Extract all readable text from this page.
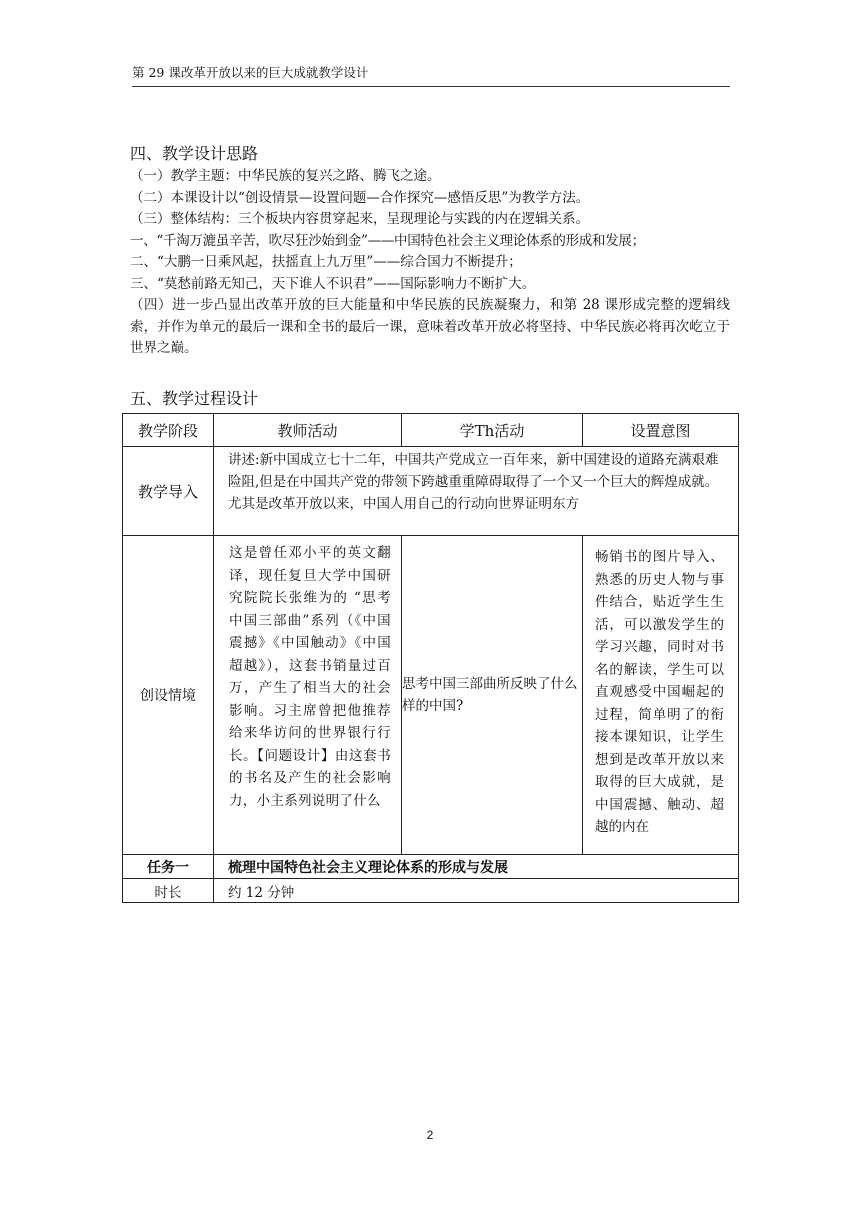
第 29 课改革开放以来的巨大成就教学设计
四、教学设计思路

（一）教学主题：中华民族的复兴之路、腾飞之途。

（二）本课设计以“创设情景—设置问题—合作探究—感悟反思”为教学方法。

（三）整体结构：三个板块内容贯穿起来，呈现理论与实践的内在逻辑关系。

一、“千淘万漉虽辛苦，吹尽狂沙始到金”——中国特色社会主义理论体系的形成和发展；

二、“大鹏一日乘风起，扶摇直上九万里”——综合国力不断提升；

三、“莫愁前路无知己，天下谁人不识君”——国际影响力不断扩大。

（四）进一步凸显出改革开放的巨大能量和中华民族的民族凝聚力，和第 28 课形成完整的逻辑线索，并作为单元的最后一课和全书的最后一课，意味着改革开放必将坚持、中华民族必将再次屹立于世界之巅。

五、教学过程设计
教学阶段	教师活动	学Th活动	设置意图
教学导入	讲述:新中国成立七十二年，中国共产党成立一百年来，新中国建设的道路充满艰难险阻,但是在中国共产党的带领下跨越重重障碍取得了一个又一个巨大的辉煌成就。尤其是改革开放以来，中国人用自己的行动向世界证明东方		

创设情境	这是曾任邓小平的英文翻译，现任复旦大学中国研究院院长张维为的 “思考中国三部曲”系列（《中国震撼》《中国触动》《中国超越》），这套书销量过百万，产生了相当大的社会影响。习主席曾把他推荐给来华访问的世界银行行长。【问题设计】由这套书的书名及产生的社会影响力，小主系列说明了什么	思考中国三部曲所反映了什么样的中国?	畅销书的图片导入、熟悉的历史人物与事件结合，贴近学生生活，可以激发学生的学习兴趣，同时对书名的解读，学生可以直观感受中国崛起的过程，简单明了的衔接本课知识，让学生想到是改革开放以来取得的巨大成就，是中国震撼、触动、超越的内在

任务一	梳理中国特色社会主义理论体系的形成与发展		
时长	约 12 分钟		
2
